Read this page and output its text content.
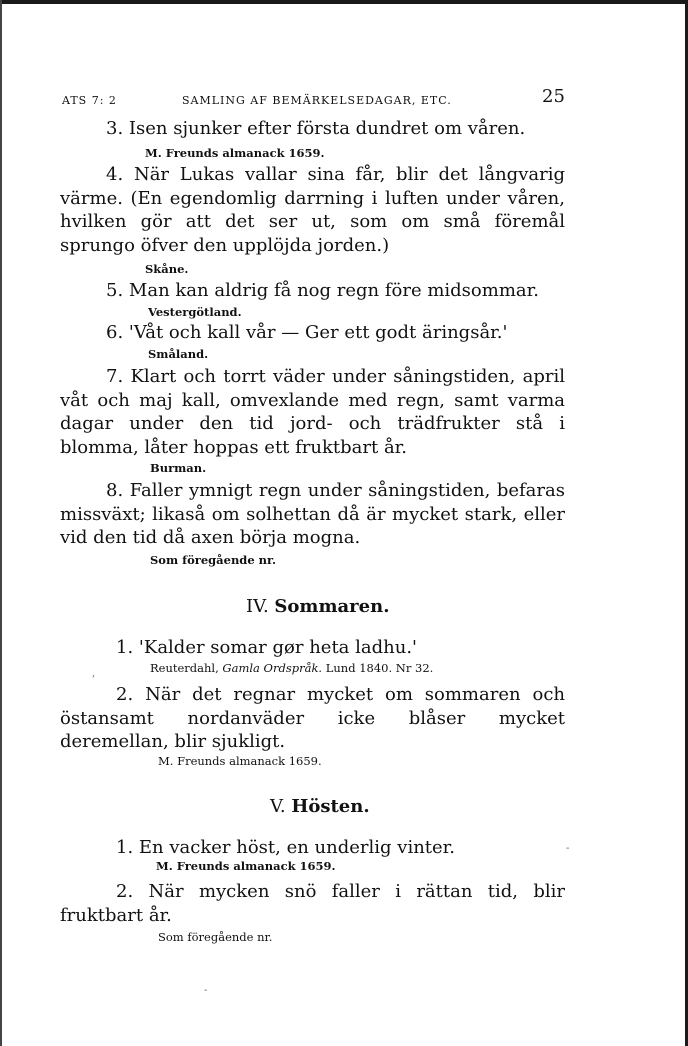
ATS 7: 2	SAMLING AF BEMÄRKELSEDAGAR, ETC.	25

3. Isen sjunker efter första dundret om våren.

M. Freunds almanack 1659.

4. När Lukas vallar sina får, blir det långvarig värme. (En egendomlig darrning i luften under våren, hvilken gör att det ser ut, som om små föremål sprungo öfver den upplöjda jorden.)

Skåne.

5. Man kan aldrig få nog regn före midsommar.

Vestergötland.

6. 'Våt och kall vår — Ger ett godt äringsår.'

Småland.

7. Klart och torrt väder under såningstiden, april våt och maj kall, omvexlande med regn, samt varma dagar under den tid jord- och trädfrukter stå i blomma, låter hoppas ett fruktbart år.

Burman.

8. Faller ymnigt regn under såningstiden, befaras missväxt; likaså om solhettan då är mycket stark, eller vid den tid då axen börja mogna.

Som föregående nr.
IV. Sommaren.

1. 'Kalder somar gør heta ladhu.'

Reuterdahl, Gamla Ordspråk. Lund 1840. Nr 32.

2. När det regnar mycket om sommaren och östansamt nordanväder icke blåser mycket deremellan, blir sjukligt.

M. Freunds almanack 1659.
V. Hösten.

1. En vacker höst, en underlig vinter.

M. Freunds almanack 1659.

2. När mycken snö faller i rättan tid, blir fruktbart år.

Som föregående nr.
,
-
-
